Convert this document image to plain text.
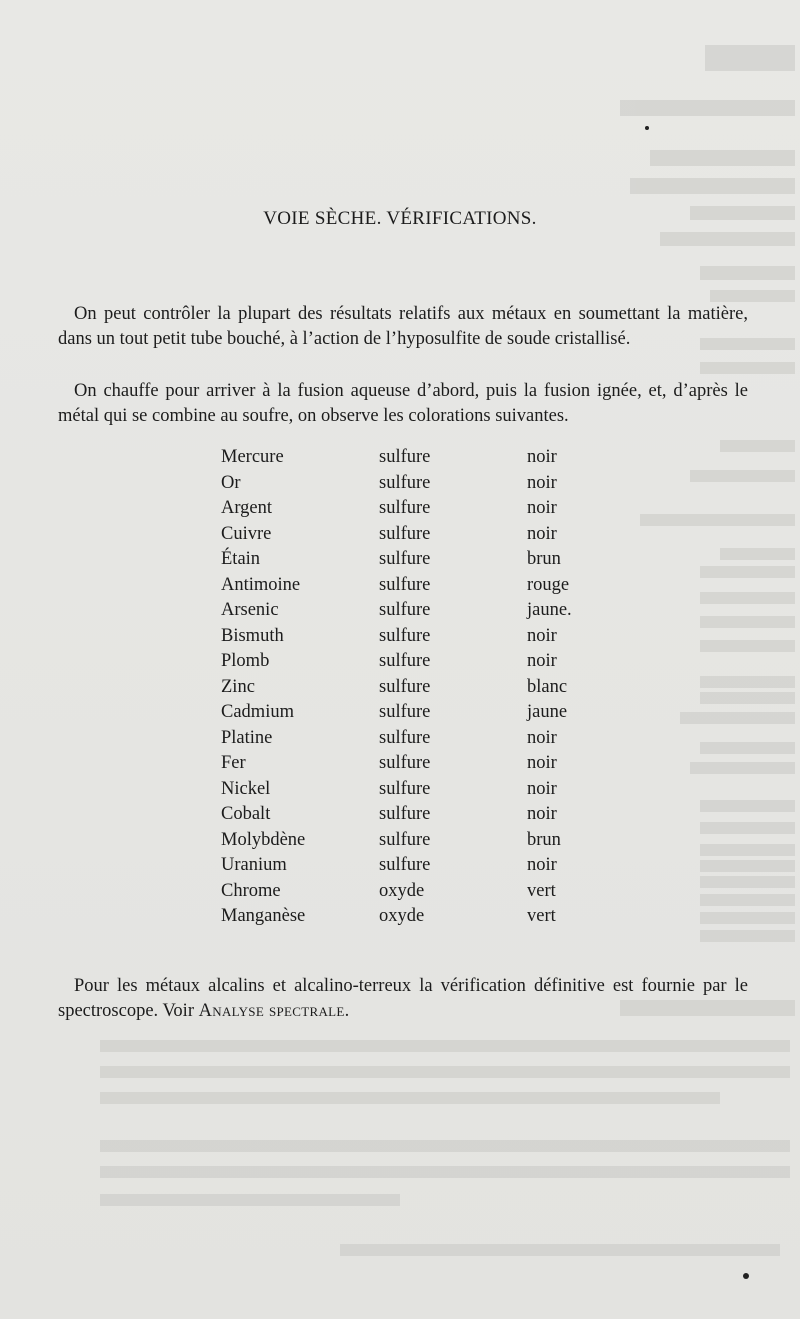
VOIE SÈCHE. VÉRIFICATIONS.

On peut contrôler la plupart des résultats relatifs aux métaux en soumettant la matière, dans un tout petit tube bouché, à l’action de l’hyposulfite de soude cristallisé.

On chauffe pour arriver à la fusion aqueuse d’abord, puis la fusion ignée, et, d’après le métal qui se combine au soufre, on observe les colorations suivantes.

Mercure	sulfure	noir
Or	sulfure	noir
Argent	sulfure	noir
Cuivre	sulfure	noir
Étain	sulfure	brun
Antimoine	sulfure	rouge
Arsenic	sulfure	jaune.
Bismuth	sulfure	noir
Plomb	sulfure	noir
Zinc	sulfure	blanc
Cadmium	sulfure	jaune
Platine	sulfure	noir
Fer	sulfure	noir
Nickel	sulfure	noir
Cobalt	sulfure	noir
Molybdène	sulfure	brun
Uranium	sulfure	noir
Chrome	oxyde	vert
Manganèse	oxyde	vert

Pour les métaux alcalins et alcalino-terreux la vérification définitive est fournie par le spectroscope. Voir Analyse spectrale.
